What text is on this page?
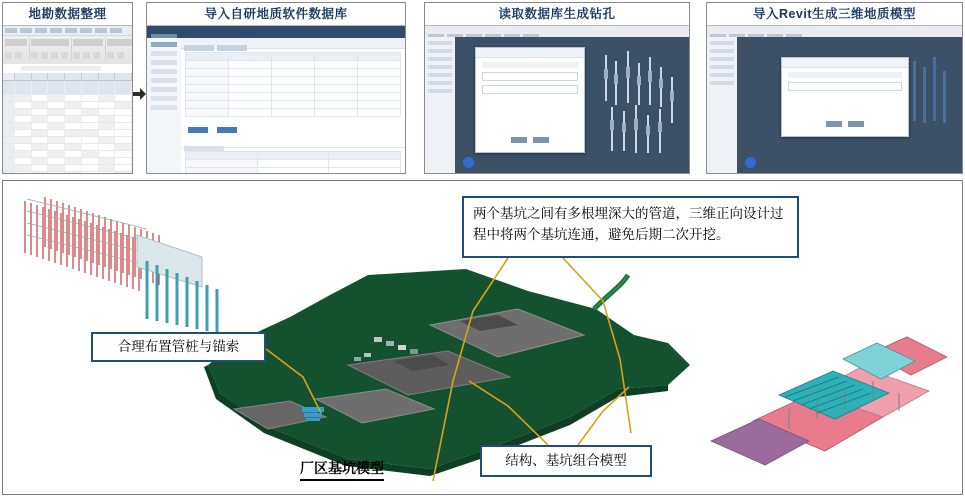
地勘数据整理	导入自研地质软件数据库

			读取数据库生成钻孔	导入Revit生成三维地质模型
两个基坑之间有多根埋深大的管道，三维正向设计过程中将两个基坑连通，避免后期二次开挖。
合理布置管桩与锚索
结构、基坑组合模型
厂区基坑模型
